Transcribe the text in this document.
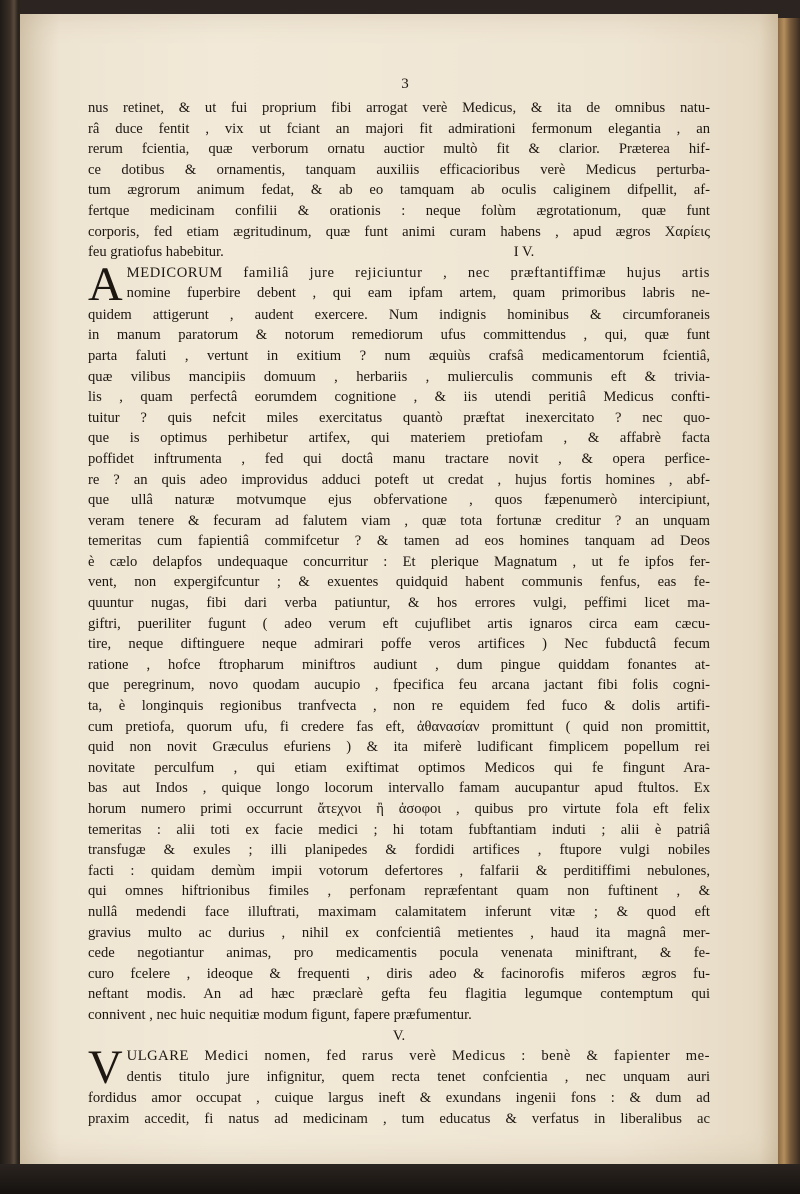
3
nus retinet, & ut fui proprium fibi arrogat verè Medicus, & ita de omnibus natu-
râ duce fentit , vix ut fciant an majori fit admirationi fermonum elegantia , an
rerum fcientia, quæ verborum ornatu auctior multò fit & clarior. Præterea hif-
ce dotibus & ornamentis, tanquam auxiliis efficacioribus verè Medicus perturba-
tum ægrorum animum fedat, & ab eo tamquam ab oculis caliginem difpellit, af-
fertque medicinam confilii & orationis : neque folùm ægrotationum, quæ funt
corporis, fed etiam ægritudinum, quæ funt animi curam habens , apud ægros Χαρίεις
feu gratiofus habebitur.	I V.
A MEDICORUM familiâ jure rejiciuntur , nec præftantiffimæ hujus artis
nomine fuperbire debent , qui eam ipfam artem, quam primoribus labris ne-
quidem attigerunt , audent exercere. Num indignis hominibus & circumforaneis
in manum paratorum & notorum remediorum ufus committendus , qui, quæ funt
parta faluti , vertunt in exitium ? num æquiùs crafsâ medicamentorum fcientiâ,
quæ vilibus mancipiis domuum , herbariis , mulierculis communis eft & trivia-
lis , quam perfectâ eorumdem cognitione , & iis utendi peritiâ Medicus confti-
tuitur ? quis nefcit miles exercitatus quantò præftat inexercitato ? nec quo-
que is optimus perhibetur artifex, qui materiem pretiofam , & affabrè facta
poffidet inftrumenta , fed qui doctâ manu tractare novit , & opera perfice-
re ? an quis adeo improvidus adduci poteft ut credat , hujus fortis homines , abf-
que ullâ naturæ motvumque ejus obfervatione , quos fæpenumerò intercipiunt,
veram tenere & fecuram ad falutem viam , quæ tota fortunæ creditur ? an unquam
temeritas cum fapientiâ commifcetur ? & tamen ad eos homines tanquam ad Deos
è cælo delapfos undequaque concurritur : Et plerique Magnatum , ut fe ipfos fer-
vent, non expergifcuntur ; & exuentes quidquid habent communis fenfus, eas fe-
quuntur nugas, fibi dari verba patiuntur, & hos errores vulgi, peffimi licet ma-
giftri, pueriliter fugunt ( adeo verum eft cujuflibet artis ignaros circa eam cæcu-
tire, neque diftinguere neque admirari poffe veros artifices ) Nec fubductâ fecum
ratione , hofce ftropharum miniftros audiunt , dum pingue quiddam fonantes at-
que peregrinum, novo quodam aucupio , fpecifica feu arcana jactant fibi folis cogni-
ta, è longinquis regionibus tranfvecta , non re equidem fed fuco & dolis artifi-
cum pretiofa, quorum ufu, fi credere fas eft, ἀθανασίαν promittunt ( quid non promittit,
quid non novit Græculus efuriens ) & ita miferè ludificant fimplicem popellum rei
novitate perculfum , qui etiam exiftimat optimos Medicos qui fe fingunt Ara-
bas aut Indos , quique longo locorum intervallo famam aucupantur apud ftultos. Ex
horum numero primi occurrunt ἄτεχνοι ἢ ἀσοφοι , quibus pro virtute fola eft felix
temeritas : alii toti ex facie medici ; hi totam fubftantiam induti ; alii è patriâ
transfugæ & exules ; illi planipedes & fordidi artifices , ftupore vulgi nobiles
facti : quidam demùm impii votorum defertores , falfarii & perditiffimi nebulones,
qui omnes hiftrionibus fimiles , perfonam repræfentant quam non fuftinent , &
nullâ medendi face illuftrati, maximam calamitatem inferunt vitæ ; & quod eft
gravius multo ac durius , nihil ex confcientiâ metientes , haud ita magnâ mer-
cede negotiantur animas, pro medicamentis pocula venenata miniftrant, & fe-
curo fcelere , ideoque & frequenti , diris adeo & facinorofis miferos ægros fu-
neftant modis. An ad hæc præclarè gefta feu flagitia legumque contemptum qui
connivent , nec huic nequitiæ modum figunt, fapere præfumentur.
V.
V ULGARE Medici nomen, fed rarus verè Medicus : benè & fapienter me-
dentis titulo jure infignitur, quem recta tenet confcientia , nec unquam auri
fordidus amor occupat , cuique largus ineft & exundans ingenii fons : & dum ad
praxim accedit, fi natus ad medicinam , tum educatus & verfatus in liberalibus ac
